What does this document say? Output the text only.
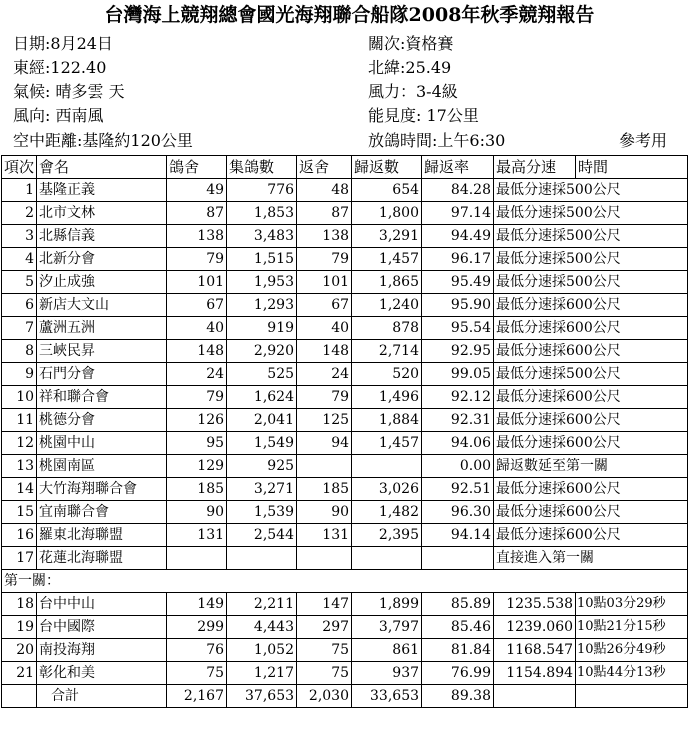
台灣海上競翔總會國光海翔聯合船隊2008年秋季競翔報告
日期:8月24日	關次:資格賽
東經:122.40	北緯:25.49
氣候: 晴多雲 天	風力：3-4級
風向: 西南風	能見度: 17公里
空中距離:基隆約120公里	放鴿時間:上午6:30	參考用
項次	會名	鴿舍	集鴿數	返舍	歸返數	歸返率	最高分速	時間
1	基隆正義	49	776	48	654	84.28	最低分速採500公尺	
2	北市文林	87	1,853	87	1,800	97.14	最低分速採500公尺	
3	北縣信義	138	3,483	138	3,291	94.49	最低分速採500公尺	
4	北新分會	79	1,515	79	1,457	96.17	最低分速採500公尺	
5	汐止成強	101	1,953	101	1,865	95.49	最低分速採500公尺	
6	新店大文山	67	1,293	67	1,240	95.90	最低分速採600公尺	
7	蘆洲五洲	40	919	40	878	95.54	最低分速採600公尺	
8	三峽民昇	148	2,920	148	2,714	92.95	最低分速採600公尺	
9	石門分會	24	525	24	520	99.05	最低分速採500公尺	
10	祥和聯合會	79	1,624	79	1,496	92.12	最低分速採600公尺	
11	桃德分會	126	2,041	125	1,884	92.31	最低分速採600公尺	
12	桃園中山	95	1,549	94	1,457	94.06	最低分速採600公尺	
13	桃園南區	129	925			0.00	歸返數延至第一關	
14	大竹海翔聯合會	185	3,271	185	3,026	92.51	最低分速採600公尺	
15	宜南聯合會	90	1,539	90	1,482	96.30	最低分速採600公尺	
16	羅東北海聯盟	131	2,544	131	2,395	94.14	最低分速採600公尺	
17	花蓮北海聯盟						直接進入第一關	
第一關：								
18	台中中山	149	2,211	147	1,899	85.89	1235.538	10點03分29秒
19	台中國際	299	4,443	297	3,797	85.46	1239.060	10點21分15秒
20	南投海翔	76	1,052	75	861	81.84	1168.547	10點26分49秒
21	彰化和美	75	1,217	75	937	76.99	1154.894	10點44分13秒
	合計	2,167	37,653	2,030	33,653	89.38		
